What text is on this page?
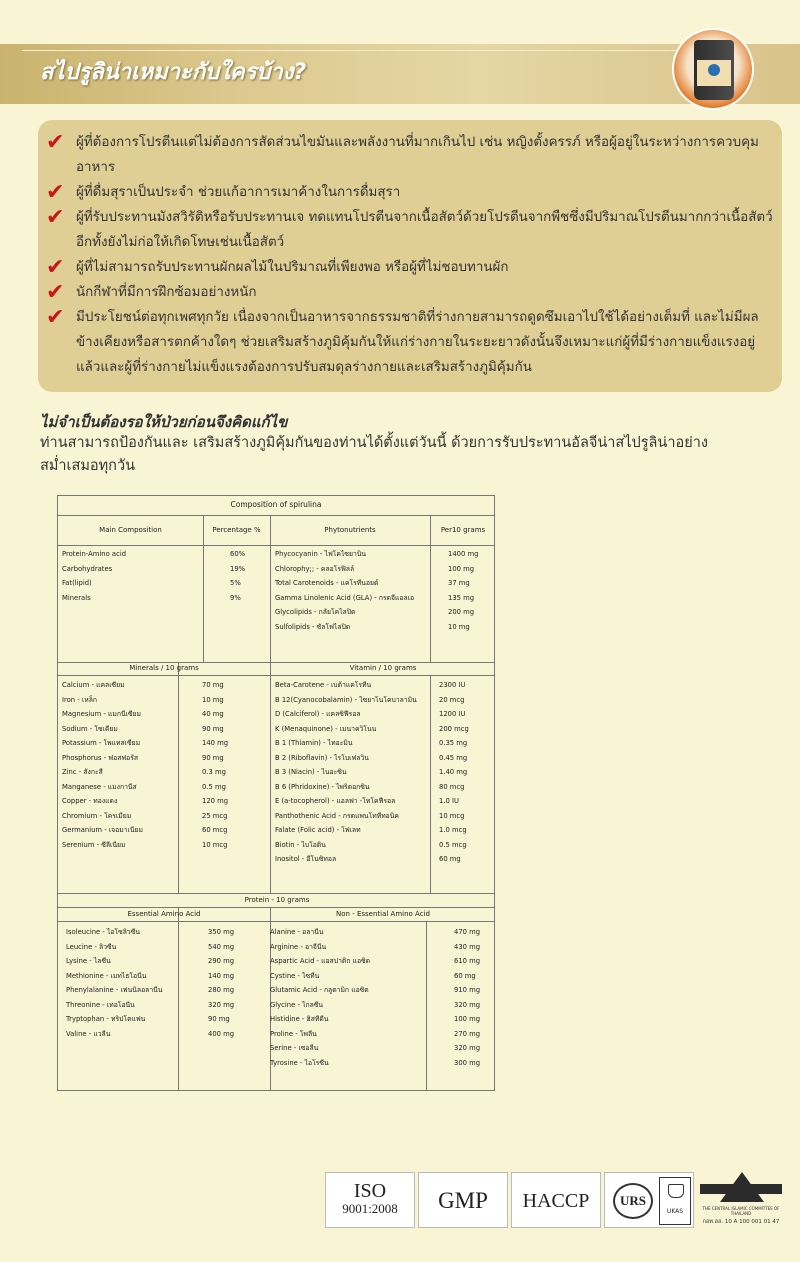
สไปรูลิน่าเหมาะกับใครบ้าง?
✔ ผู้ที่ต้องการโปรตีนแต่ไม่ต้องการสัดส่วนไขมันและพลังงานที่มากเกินไป เช่น หญิงตั้งครรภ์ หรือผู้อยู่ในระหว่างการควบคุมอาหาร
✔ ผู้ที่ดื่มสุราเป็นประจำ ช่วยแก้อาการเมาค้างในการดื่มสุรา
✔ ผู้ที่รับประทานมังสวิรัติหรือรับประทานเจ ทดแทนโปรตีนจากเนื้อสัตว์ด้วยโปรตีนจากพืชซึ่งมีปริมาณโปรตีนมากกว่าเนื้อสัตว์อีกทั้งยังไม่ก่อให้เกิดโทษเช่นเนื้อสัตว์
✔ ผู้ที่ไม่สามารถรับประทานผักผลไม้ในปริมาณที่เพียงพอ หรือผู้ที่ไม่ชอบทานผัก
✔ นักกีฬาที่มีการฝึกซ้อมอย่างหนัก
✔ มีประโยชน์ต่อทุกเพศทุกวัย เนื่องจากเป็นอาหารจากธรรมชาติที่ร่างกายสามารถดูดซึมเอาไปใช้ได้อย่างเต็มที่ และไม่มีผลข้างเคียงหรือสารตกค้างใดๆ ช่วยเสริมสร้างภูมิคุ้มกันให้แก่ร่างกายในระยะยาวดังนั้นจึงเหมาะแก่ผู้ที่มีร่างกายแข็งแรงอยู่แล้วและผู้ที่ร่างกายไม่แข็งแรงต้องการปรับสมดุลร่างกายและเสริมสร้างภูมิคุ้มกัน
ไม่จำเป็นต้องรอให้ป่วยก่อนจึงคิดแก้ไข
ท่านสามารถป้องกันและ เสริมสร้างภูมิคุ้มกันของท่านได้ตั้งแต่วันนี้ ด้วยการรับประทานอัลจีน่าสไปรูลิน่าอย่างสม่ำเสมอทุกวัน
Composition of spirulina
Main Composition	Percentage %	Phytonutrients	Per10 grams
Minerals / 10 grams	Vitamin / 10 grams
Protein - 10 grams
Essential Amino Acid	Non - Essential Amino Acid
Protein-Amino acid	60%
Carbohydrates	19%
Fat(lipid)	5%
Minerals	9%
Phycocyanin - ไฟโคไซยานิน	1400 mg
Chlorophy;; - คลอโรฟิลล์	100 mg
Total Carotenoids - แคโรทีนอยด์	37 mg
Gamma Linolenic Acid (GLA) - กรดจีแอลเอ	135 mg
Glycolipids - กลัยโคไลปิด	200 mg
Sulfolipids - ซัลโฟไลปิด	10 mg
Calcium - แคลเซียม	70 mg
Iron - เหล็ก	10 mg
Magnesium - แมกนีเซียม	40 mg
Sodium - โซเดียม	90 mg
Potassium - โพแทสเซียม	140 mg
Phosphorus - ฟอสฟอรัส	90 mg
Zinc - สังกะสี	0.3 mg
Manganese - แมงกานีส	0.5 mg
Copper - ทองแดง	120 mg
Chromium - โครเมียม	25 mcg
Germanium - เจอมาเนียม	60 mcg
Serenium - ซีลีเนียม	10 mcg
Beta-Carotene - เบต้าแคโรทีน	2300 IU
B 12(Cyanocobalamin) - ไซยาโนโคบาลามิน	20 mcg
D (Calciferol) - แคลซิฟีรอล	1200 IU
K (Menaquinone) - เมนาควิโนน	200 mcg
B 1 (Thiamin) - ไทอะมิน	0.35 mg
B 2 (Riboflavin) - ไรโบเฟลวิน	0.45 mg
B 3 (Niacin) - ไนอะซิน	1.40 mg
B 6 (Phridoxine) - ไพริดอกซิน	80 mcg
E (a-tocopherol) - แอลฟา -โทโคฟีรอล	1.0 IU
Panthothenic Acid - กรดแพนโททีทอนิค	10 mcg
Falate (Folic acid) - โฟเลท	1.0 mcg
Biotin - ไบโอติน	0.5 mcg
Inositol - อีโนซิทอล	60 mg
Isoleucine - ไอโซลิวซีน	350 mg
Leucine - ลิวซีน	540 mg
Lysine - ไลซีน	290 mg
Methionine - เมทไธโอนีน	140 mg
Phenylalanine - เฟนนิลอลานีน	280 mg
Threonine - เทอโอนีน	320 mg
Tryptophan - ทริปโตแฟน	90 mg
Valine - แวลีน	400 mg
Alanine - อลานีน	470 mg
Arginine - อาจีนีน	430 mg
Aspartic Acid - แอสปาติก แอซิด	610 mg
Cystine - ไซทีน	60 mg
Glutamic Acid - กลูตามิก แอซิด	910 mg
Glycine - ไกลซีน	320 mg
Histidine - ฮิสทีดีน	100 mg
Proline - โพลีน	270 mg
Serine - เซอลีน	320 mg
Tyrosine - ไอโรซีน	300 mg
ISO
9001:2008	GMP	HACCP	URS
UKAS	THE CENTRAL ISLAMIC COMMITTEE OF THAILAND
กอท.ฮล. 10 A 100 001 01 47
